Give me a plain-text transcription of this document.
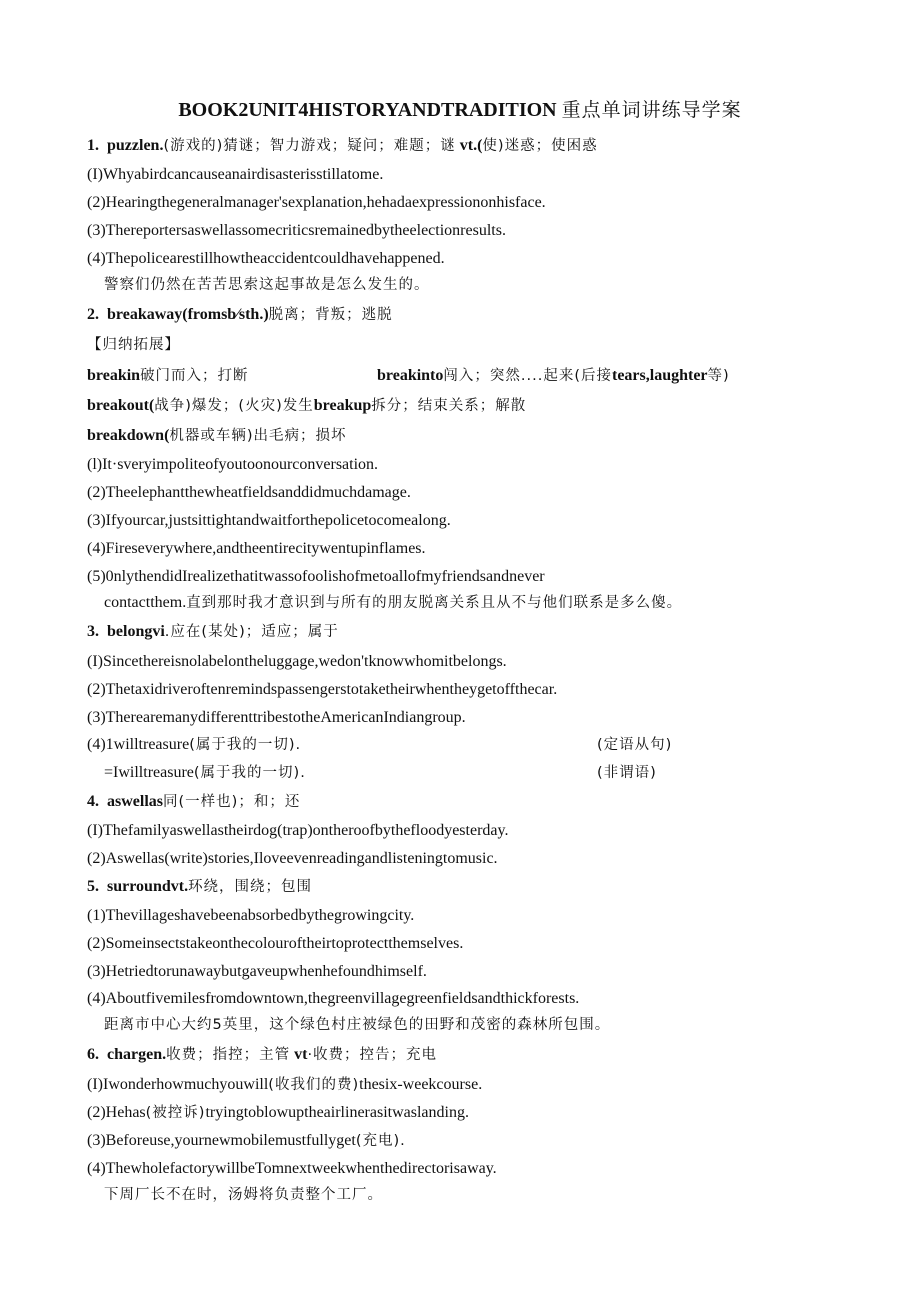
BOOK2UNIT4HISTORYANDTRADITION 重点单词讲练导学案
1. puzzlen.(游戏的)猜谜；智力游戏；疑问；难题；谜 vt.(使)迷惑；使困惑
(I)Whyabirdcancauseanairdisasterisstillatome.
(2)Hearingthegeneralmanager'sexplanation,hehadaexpressiononhisface.
(3)Thereportersaswellassomecriticsremainedbytheelectionresults.
(4)Thepolicearestillhowtheaccidentcouldhavehappened.
警察们仍然在苦苦思索这起事故是怎么发生的。
2. breakaway(fromsb∕sth.)脱离；背叛；逃脱
【归纳拓展】
breakin破门而入；打断	breakinto闯入；突然....起来(后接tears,laughter等)
breakout(战争)爆发；(火灾)发生breakup拆分；结束关系；解散
breakdown(机器或车辆)出毛病；损坏
(l)It·sveryimpoliteofyoutoonourconversation.
(2)Theelephantthewheatfieldsanddidmuchdamage.
(3)Ifyourcar,justsittightandwaitforthepolicetocomealong.
(4)Fireseverywhere,andtheentirecitywentupinflames.
(5)0nlythendidIrealizethatitwassofoolishofmetoallofmyfriendsandnever
contactthem.直到那时我才意识到与所有的朋友脱离关系且从不与他们联系是多么傻。
3. belongvi.应在(某处)；适应；属于
(I)Sincethereisnolabelontheluggage,wedon'tknowwhomitbelongs.
(2)Thetaxidriveroftenremindspassengerstotaketheirwhentheygetoffthecar.
(3)TherearemanydifferenttribestotheAmericanIndiangroup.
(4)1willtreasure(属于我的一切).	(定语从句)
=Iwilltreasure(属于我的一切).	(非谓语)
4. aswellas同(一样也)；和；还
(I)Thefamilyaswellastheirdog(trap)ontheroofbythefloodyesterday.
(2)Aswellas(write)stories,Iloveevenreadingandlisteningtomusic.
5. surroundvt.环绕，围绕；包围
(1)Thevillageshavebeenabsorbedbythegrowingcity.
(2)Someinsectstakeonthecolouroftheirtoprotectthemselves.
(3)Hetriedtorunawaybutgaveupwhenhefoundhimself.
(4)Aboutfivemilesfromdowntown,thegreenvillagegreenfieldsandthickforests.
距离市中心大约5英里，这个绿色村庄被绿色的田野和茂密的森林所包围。
6. chargen.收费；指控；主管 vt·收费；控告；充电
(I)Iwonderhowmuchyouwill(收我们的费)thesix-weekcourse.
(2)Hehas(被控诉)tryingtoblowuptheairlinerasitwaslanding.
(3)Beforeuse,yournewmobilemustfullyget(充电).
(4)ThewholefactorywillbeTomnextweekwhenthedirectorisaway.
下周厂长不在时，汤姆将负责整个工厂。
